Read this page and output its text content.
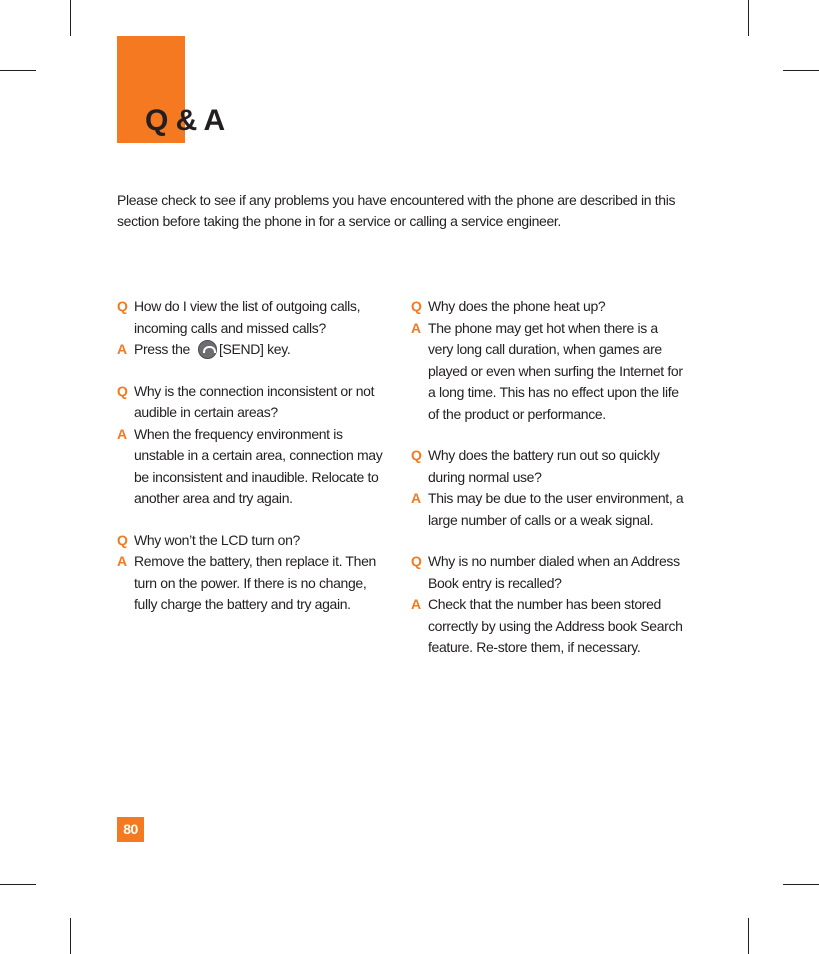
Q & A

Please check to see if any problems you have encountered with the phone are described in this section before taking the phone in for a service or calling a service engineer.

Q How do I view the list of outgoing calls, incoming calls and missed calls?
A Press the [SEND] key.
Q Why is the connection inconsistent or not audible in certain areas?
A When the frequency environment is unstable in a certain area, connection may be inconsistent and inaudible. Relocate to another area and try again.
Q Why won’t the LCD turn on?
A Remove the battery, then replace it. Then turn on the power. If there is no change, fully charge the battery and try again.
Q Why does the phone heat up?
A The phone may get hot when there is a very long call duration, when games are played or even when surfing the Internet for a long time. This has no effect upon the life of the product or performance.
Q Why does the battery run out so quickly during normal use?
A This may be due to the user environment, a large number of calls or a weak signal.
Q Why is no number dialed when an Address Book entry is recalled?
A Check that the number has been stored correctly by using the Address book Search feature. Re-store them, if necessary.
80
